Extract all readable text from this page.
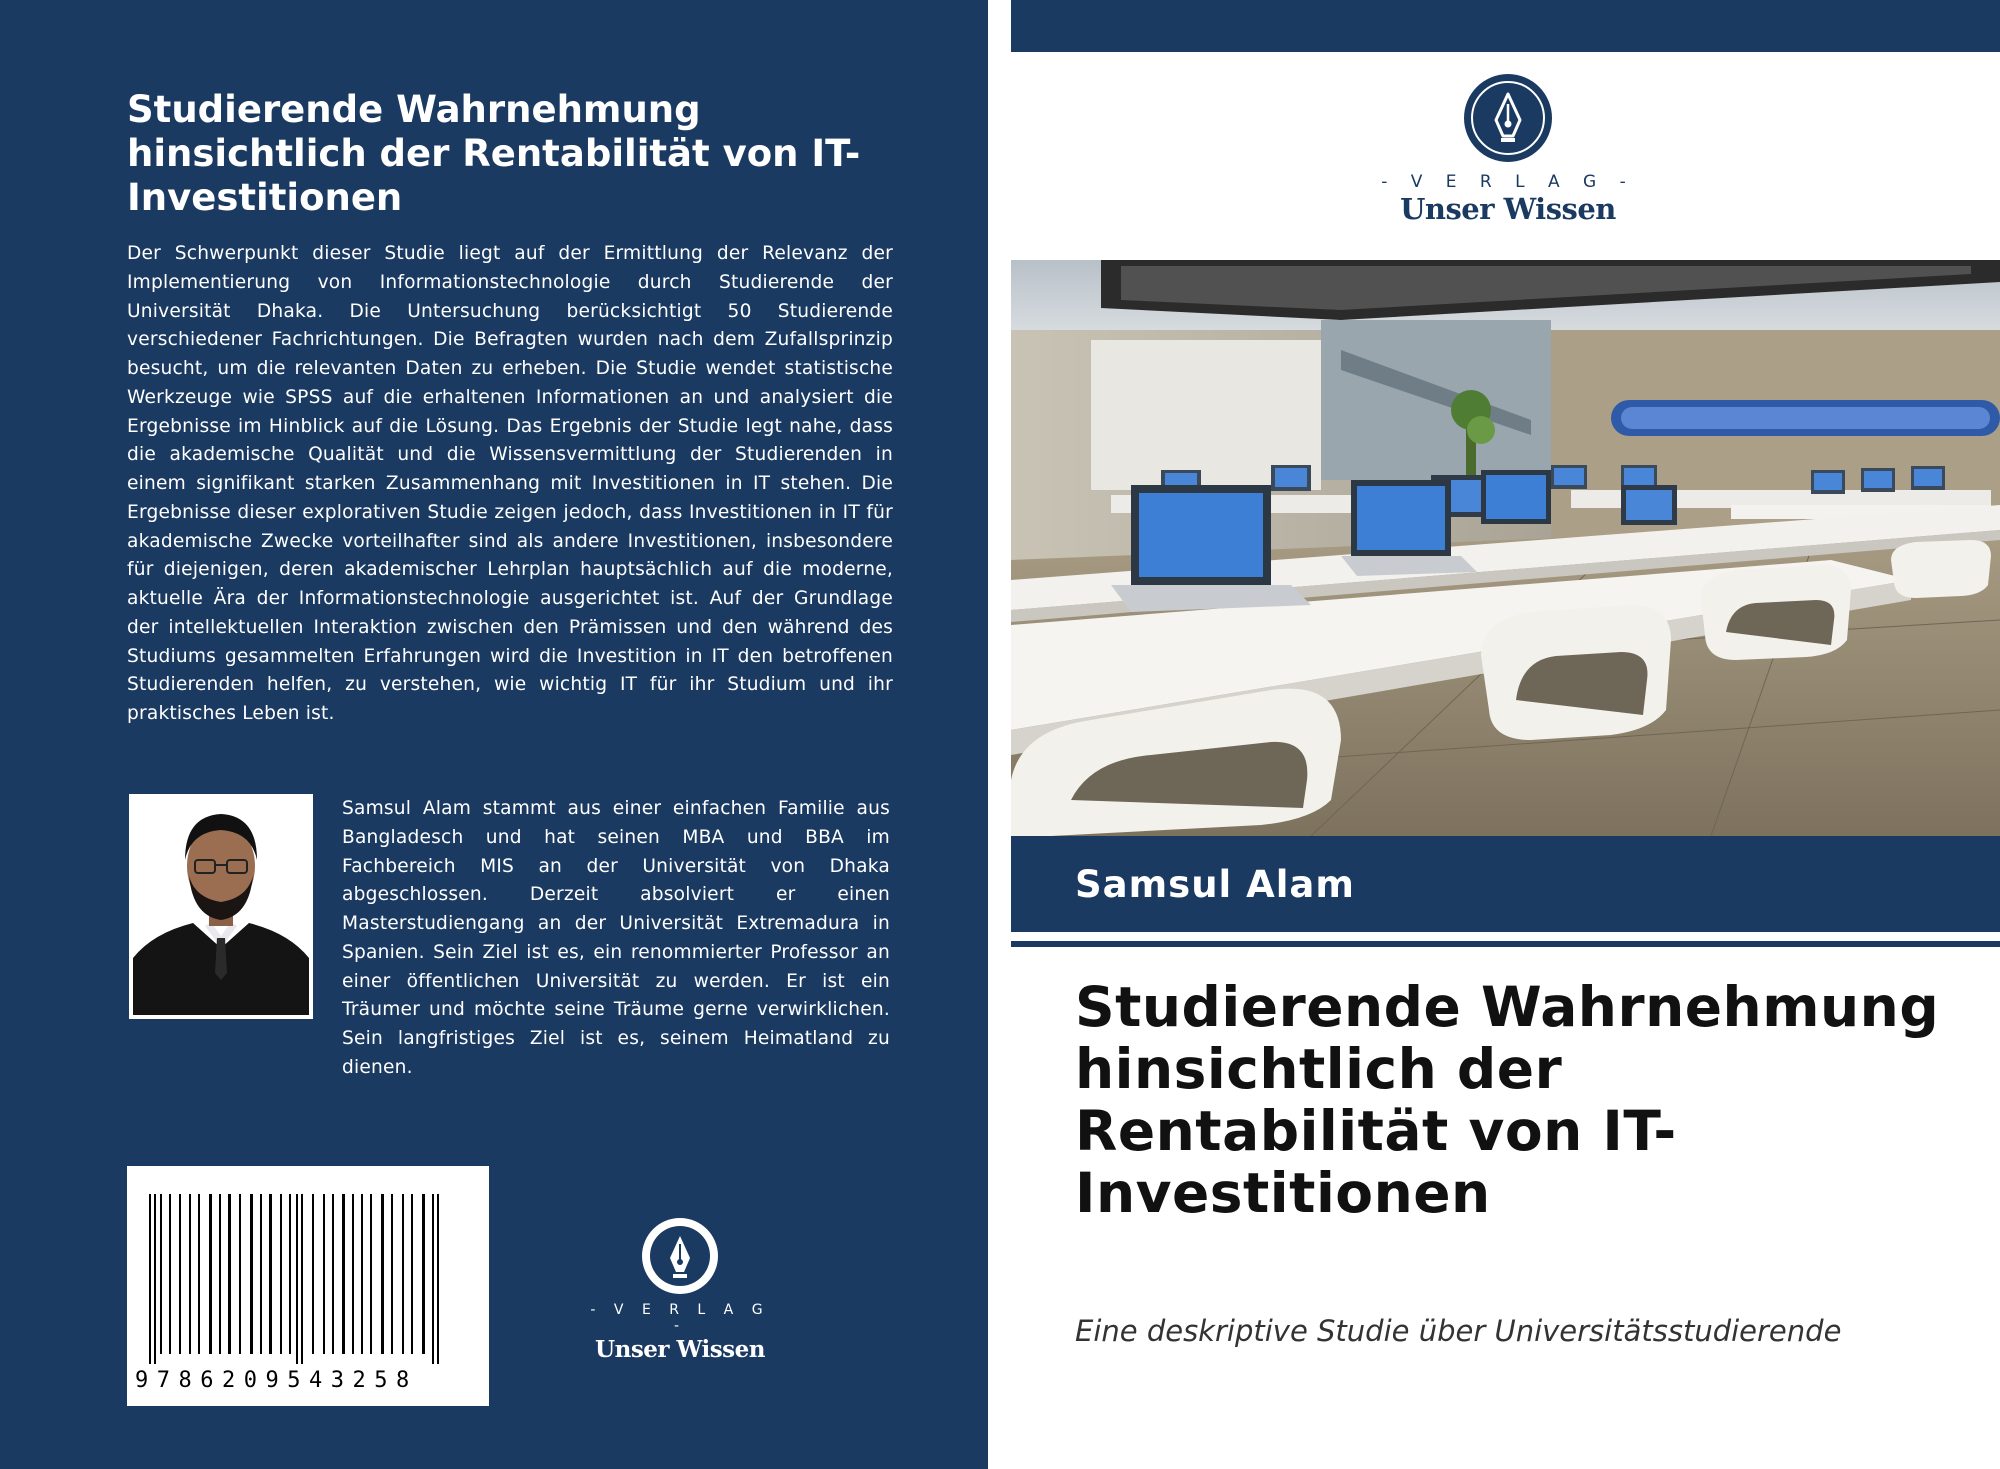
Studierende Wahrnehmung hinsichtlich der Rentabilität von IT-Investitionen
Der Schwerpunkt dieser Studie liegt auf der Ermittlung der Relevanz der Implementierung von Informationstechnologie durch Studierende der Universität Dhaka. Die Untersuchung berücksichtigt 50 Studierende verschiedener Fachrichtungen. Die Befragten wurden nach dem Zufallsprinzip besucht, um die relevanten Daten zu erheben. Die Studie wendet statistische Werkzeuge wie SPSS auf die erhaltenen Informationen an und analysiert die Ergebnisse im Hinblick auf die Lösung. Das Ergebnis der Studie legt nahe, dass die akademische Qualität und die Wissensvermittlung der Studierenden in einem signifikant starken Zusammenhang mit Investitionen in IT stehen. Die Ergebnisse dieser explorativen Studie zeigen jedoch, dass Investitionen in IT für akademische Zwecke vorteilhafter sind als andere Investitionen, insbesondere für diejenigen, deren akademischer Lehrplan hauptsächlich auf die moderne, aktuelle Ära der Informationstechnologie ausgerichtet ist. Auf der Grundlage der intellektuellen Interaktion zwischen den Prämissen und den während des Studiums gesammelten Erfahrungen wird die Investition in IT den betroffenen Studierenden helfen, zu verstehen, wie wichtig IT für ihr Studium und ihr praktisches Leben ist.
Samsul Alam stammt aus einer einfachen Familie aus Bangladesch und hat seinen MBA und BBA im Fachbereich MIS an der Universität von Dhaka abgeschlossen. Derzeit absolviert er einen Masterstudiengang an der Universität Extremadura in Spanien. Sein Ziel ist es, ein renommierter Professor an einer öffentlichen Universität zu werden. Er ist ein Träumer und möchte seine Träume gerne verwirklichen. Sein langfristiges Ziel ist es, seinem Heimatland zu dienen.
9786209543258
- V E R L A G -
Unser Wissen
- V E R L A G -
Unser Wissen
Samsul Alam
Studierende Wahrnehmung hinsichtlich der Rentabilität von IT-Investitionen
Eine deskriptive Studie über Universitätsstudierende
